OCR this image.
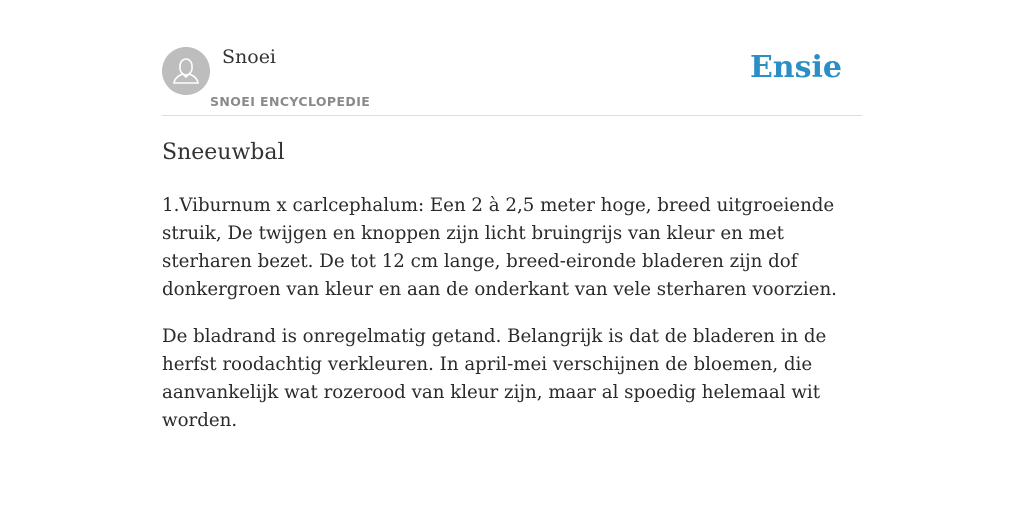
Snoei
SNOEI ENCYCLOPEDIE
Ensie
Sneeuwbal

1.Viburnum x carlcephalum: Een 2 à 2,5 meter hoge, breed uitgroeiende struik, De twijgen en knoppen zijn licht bruingrijs van kleur en met sterharen bezet. De tot 12 cm lange, breed-eironde bladeren zijn dof donkergroen van kleur en aan de onderkant van vele sterharen voorzien.

De bladrand is onregelmatig getand. Belangrijk is dat de bladeren in de herfst roodachtig verkleuren. In april-mei verschijnen de bloemen, die aanvankelijk wat rozerood van kleur zijn, maar al spoedig helemaal wit worden.
